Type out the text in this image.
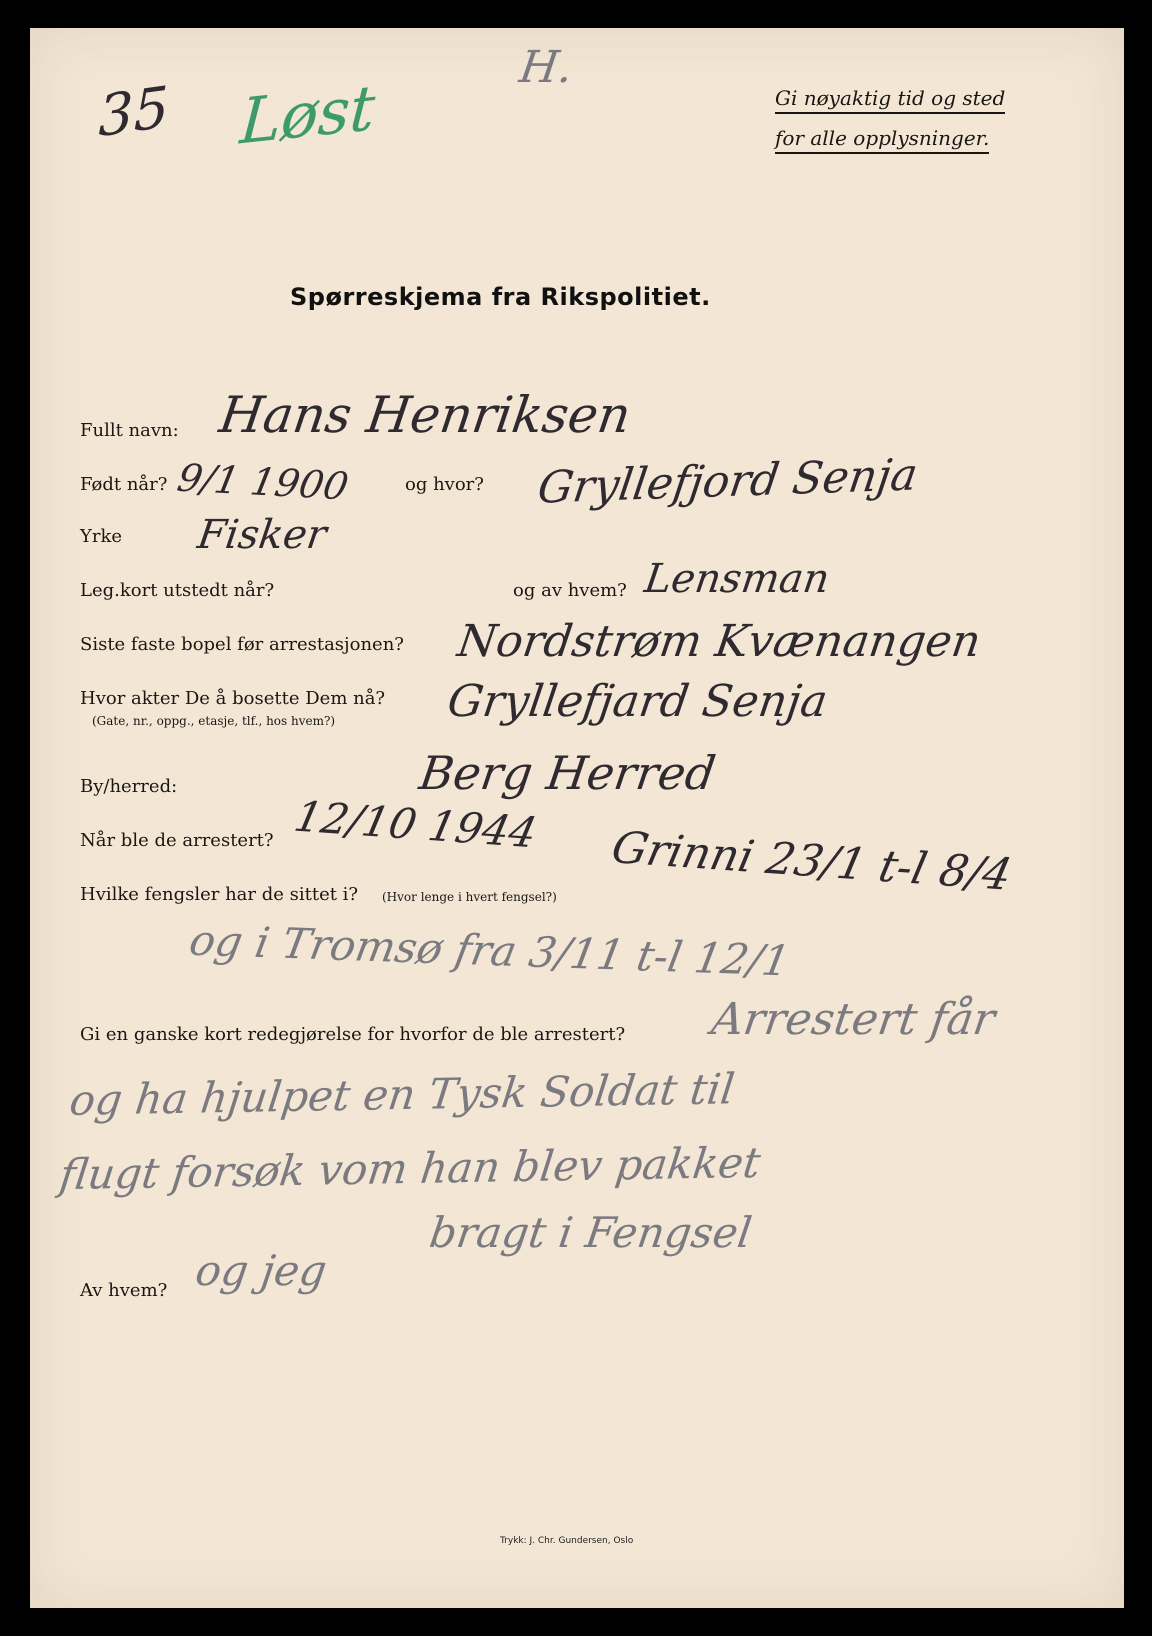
35 Løst
H.
Gi nøyaktig tid og sted
for alle opplysninger.
Spørreskjema fra Rikspolitiet.
Fullt navn: Hans Henriksen
Født når? 9/1 1900	og hvor? Gryllefjord Senja
Yrke Fisker
Leg.kort utstedt når?	og av hvem? Lensman
Siste faste bopel før arrestasjonen? Nordstrøm Kvænangen
Hvor akter De å bosette Dem nå?
(Gate, nr., oppg., etasje, tlf., hos hvem?) Gryllefjard Senja
By/herred:	Berg Herred
Når ble de arrestert? 12/10 1944
Hvilke fengsler har de sittet i? (Hvor lenge i hvert fengsel?) Grinni 23/1 t-l 8/4
og i Tromsø fra 3/11 t-l 12/1
Gi en ganske kort redegjørelse for hvorfor de ble arrestert? Arrestert får
og ha hjulpet en Tysk Soldat til
flugt forsøk vom han blev pakket
bragt i Fengsel
Av hvem? og jeg
Trykk: J. Chr. Gundersen, Oslo
